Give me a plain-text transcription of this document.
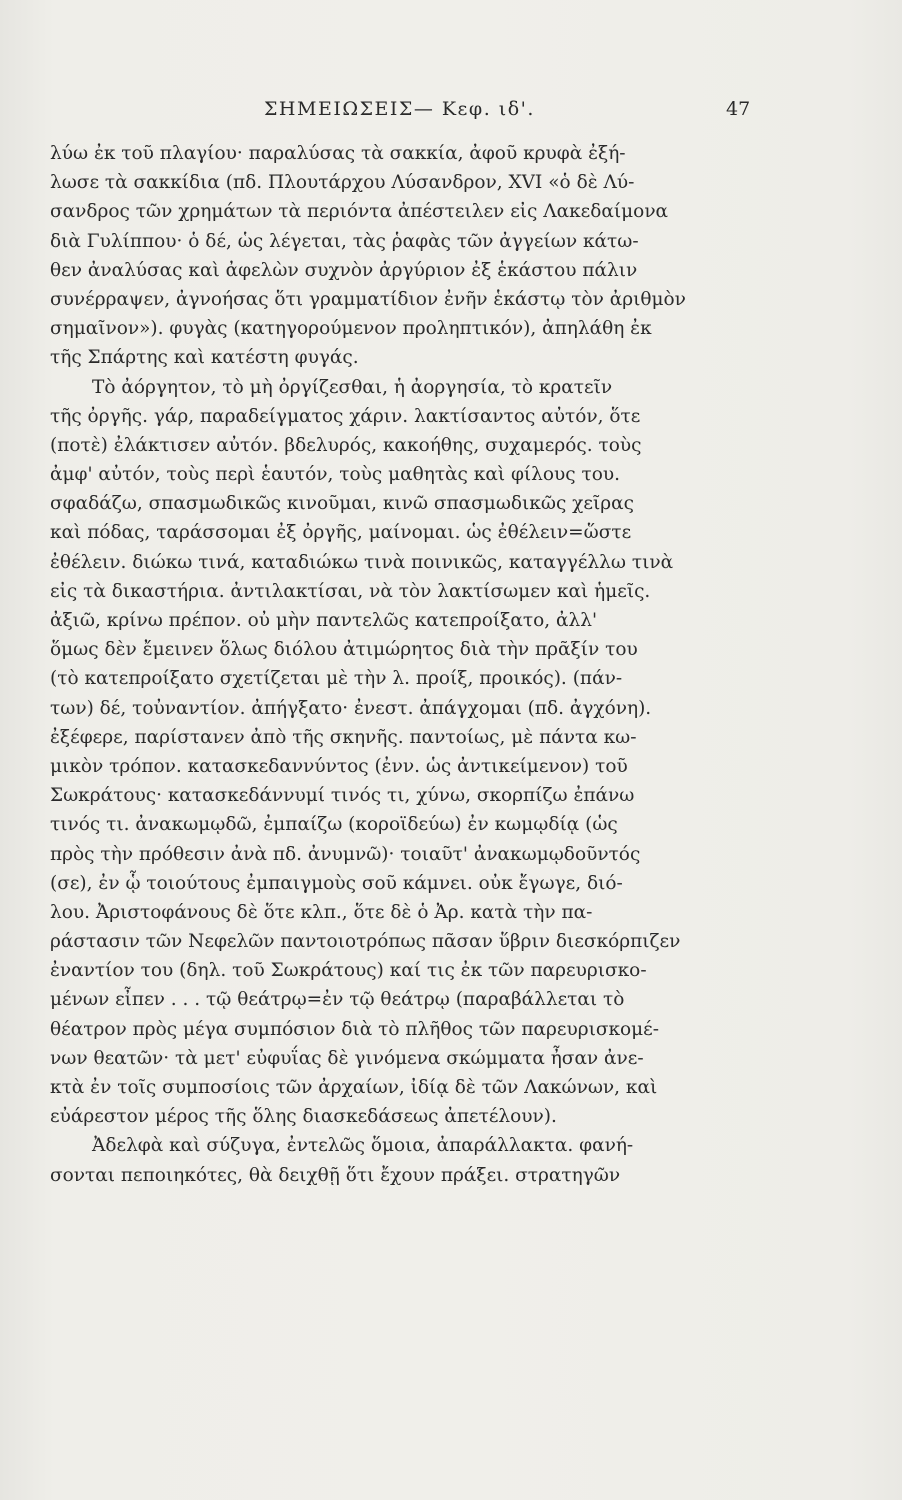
ΣΗΜΕΙΩΣΕΙΣ— Κεφ. ιδ'.	47
λύω ἐκ τοῦ πλαγίου· παραλύσας τὰ σακκία, ἀφοῦ κρυφὰ ἐξή-
λωσε τὰ σακκίδια (πδ. Πλουτάρχου Λύσανδρον, XVI «ὁ δὲ Λύ-
σανδρος τῶν χρημάτων τὰ περιόντα ἀπέστειλεν εἰς Λακεδαίμονα
διὰ Γυλίππου· ὁ δέ, ὡς λέγεται, τὰς ῥαφὰς τῶν ἀγγείων κάτω-
θεν ἀναλύσας καὶ ἀφελὼν συχνὸν ἀργύριον ἐξ ἑκάστου πάλιν
συνέρραψεν, ἀγνοήσας ὅτι γραμματίδιον ἐνῆν ἑκάστῳ τὸν ἀριθμὸν
σημαῖνον»). φυγὰς (κατηγορούμενον προληπτικόν), ἀπηλάθη ἐκ
τῆς Σπάρτης καὶ κατέστη φυγάς.
Τὸ ἀόργητον, τὸ μὴ ὀργίζεσθαι, ἡ ἀοργησία, τὸ κρατεῖν
τῆς ὀργῆς. γάρ, παραδείγματος χάριν. λακτίσαντος αὐτόν, ὅτε
(ποτὲ) ἐλάκτισεν αὐτόν. βδελυρός, κακοήθης, συχαμερός. τοὺς
ἀμφ' αὐτόν, τοὺς περὶ ἑαυτόν, τοὺς μαθητὰς καὶ φίλους του.
σφαδάζω, σπασμωδικῶς κινοῦμαι, κινῶ σπασμωδικῶς χεῖρας
καὶ πόδας, ταράσσομαι ἐξ ὀργῆς, μαίνομαι. ὡς ἐθέλειν=ὥστε
ἐθέλειν. διώκω τινά, καταδιώκω τινὰ ποινικῶς, καταγγέλλω τινὰ
εἰς τὰ δικαστήρια. ἀντιλακτίσαι, νὰ τὸν λακτίσωμεν καὶ ἡμεῖς.
ἀξιῶ, κρίνω πρέπον. οὐ μὴν παντελῶς κατεπροίξατο, ἀλλ'
ὅμως δὲν ἔμεινεν ὅλως διόλου ἀτιμώρητος διὰ τὴν πρᾶξίν του
(τὸ κατεπροίξατο σχετίζεται μὲ τὴν λ. προίξ, προικός). (πάν-
των) δέ, τοὐναντίον. ἀπήγξατο· ἐνεστ. ἀπάγχομαι (πδ. ἀγχόνη).
ἐξέφερε, παρίστανεν ἀπὸ τῆς σκηνῆς. παντοίως, μὲ πάντα κω-
μικὸν τρόπον. κατασκεδαννύντος (ἐνν. ὡς ἀντικείμενον) τοῦ
Σωκράτους· κατασκεδάννυμί τινός τι, χύνω, σκορπίζω ἐπάνω
τινός τι. ἀνακωμῳδῶ, ἐμπαίζω (κοροϊδεύω) ἐν κωμῳδίᾳ (ὡς
πρὸς τὴν πρόθεσιν ἀνὰ πδ. ἀνυμνῶ)· τοιαῦτ' ἀνακωμῳδοῦντός
(σε), ἐν ᾧ τοιούτους ἐμπαιγμοὺς σοῦ κάμνει. οὐκ ἔγωγε, διό-
λου. Ἀριστοφάνους δὲ ὅτε κλπ., ὅτε δὲ ὁ Ἀρ. κατὰ τὴν πα-
ράστασιν τῶν Νεφελῶν παντοιοτρόπως πᾶσαν ὕβριν διεσκόρπιζεν
ἐναντίον του (δηλ. τοῦ Σωκράτους) καί τις ἐκ τῶν παρευρισκο-
μένων εἶπεν . . . τῷ θεάτρῳ=ἐν τῷ θεάτρῳ (παραβάλλεται τὸ
θέατρον πρὸς μέγα συμπόσιον διὰ τὸ πλῆθος τῶν παρευρισκομέ-
νων θεατῶν· τὰ μετ' εὐφυΐας δὲ γινόμενα σκώμματα ἦσαν ἀνε-
κτὰ ἐν τοῖς συμποσίοις τῶν ἀρχαίων, ἰδίᾳ δὲ τῶν Λακώνων, καὶ
εὐάρεστον μέρος τῆς ὅλης διασκεδάσεως ἀπετέλουν).
Ἀδελφὰ καὶ σύζυγα, ἐντελῶς ὅμοια, ἀπαράλλακτα. φανή-
σονται πεποιηκότες, θὰ δειχθῇ ὅτι ἔχουν πράξει. στρατηγῶν
